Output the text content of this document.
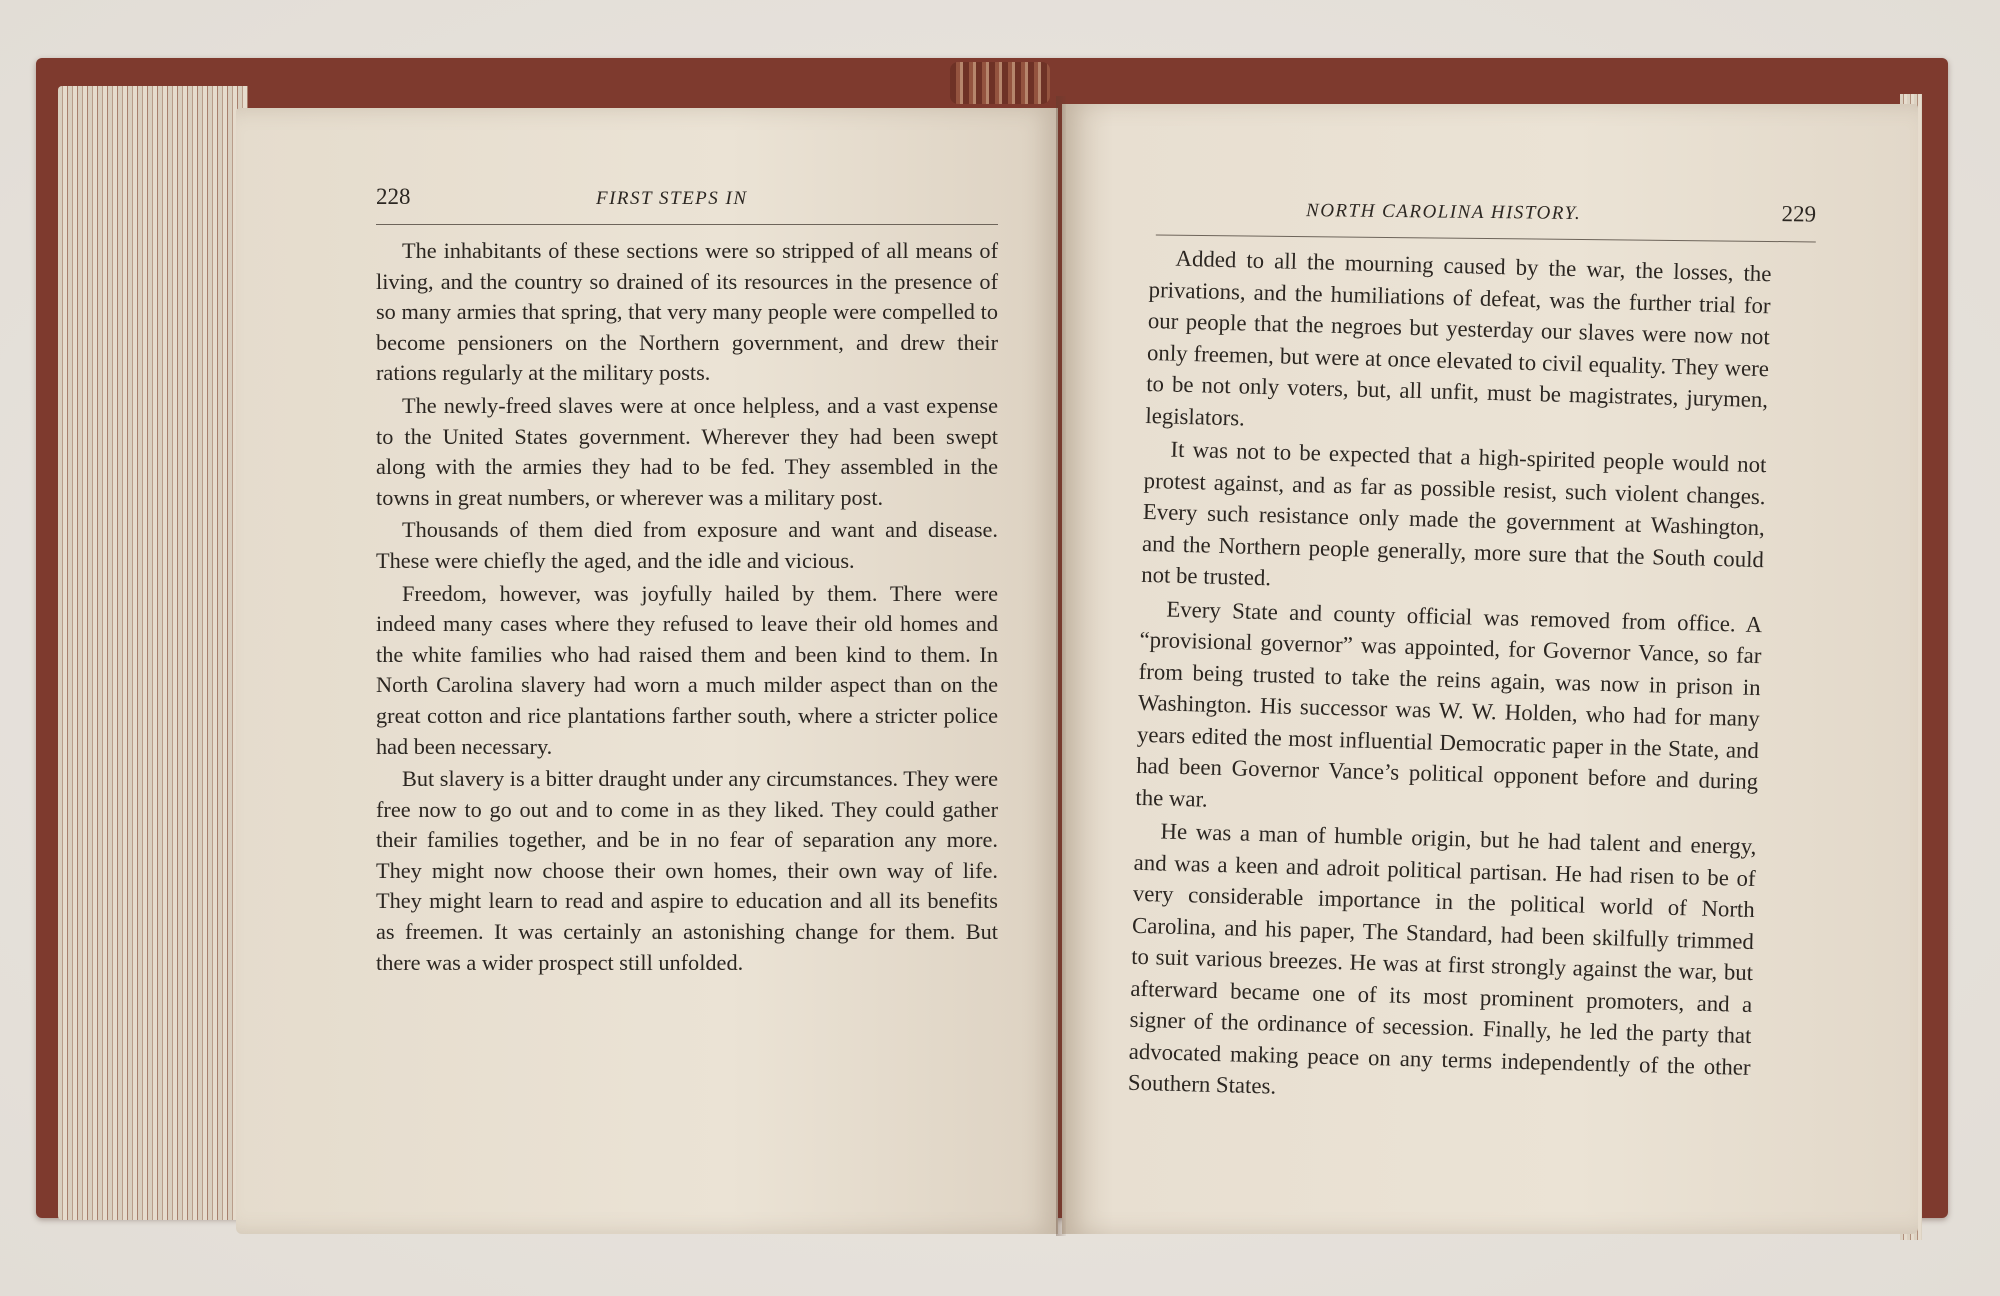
228	FIRST STEPS IN

The inhabitants of these sections were so stripped of all means of living, and the country so drained of its resources in the presence of so many armies that spring, that very many people were compelled to become pensioners on the Northern government, and drew their rations regularly at the military posts.

The newly-freed slaves were at once helpless, and a vast expense to the United States government. Wherever they had been swept along with the armies they had to be fed. They assembled in the towns in great numbers, or wherever was a military post.

Thousands of them died from exposure and want and disease. These were chiefly the aged, and the idle and vicious.

Freedom, however, was joyfully hailed by them. There were indeed many cases where they refused to leave their old homes and the white families who had raised them and been kind to them. In North Carolina slavery had worn a much milder aspect than on the great cotton and rice plantations farther south, where a stricter police had been necessary.

But slavery is a bitter draught under any circumstances. They were free now to go out and to come in as they liked. They could gather their families together, and be in no fear of separation any more. They might now choose their own homes, their own way of life. They might learn to read and aspire to education and all its benefits as freemen. It was certainly an astonishing change for them. But there was a wider prospect still unfolded.

NORTH CAROLINA HISTORY.	229

Added to all the mourning caused by the war, the losses, the privations, and the humiliations of defeat, was the further trial for our people that the negroes but yesterday our slaves were now not only freemen, but were at once elevated to civil equality. They were to be not only voters, but, all unfit, must be magistrates, jurymen, legislators.

It was not to be expected that a high-spirited people would not protest against, and as far as possible resist, such violent changes. Every such resistance only made the government at Washington, and the Northern people generally, more sure that the South could not be trusted.

Every State and county official was removed from office. A “provisional governor” was appointed, for Governor Vance, so far from being trusted to take the reins again, was now in prison in Washington. His successor was W. W. Holden, who had for many years edited the most influential Democratic paper in the State, and had been Governor Vance’s political opponent before and during the war.

He was a man of humble origin, but he had talent and energy, and was a keen and adroit political partisan. He had risen to be of very considerable importance in the political world of North Carolina, and his paper, The Standard, had been skilfully trimmed to suit various breezes. He was at first strongly against the war, but afterward became one of its most prominent promoters, and a signer of the ordinance of secession. Finally, he led the party that advocated making peace on any terms independently of the other Southern States.
